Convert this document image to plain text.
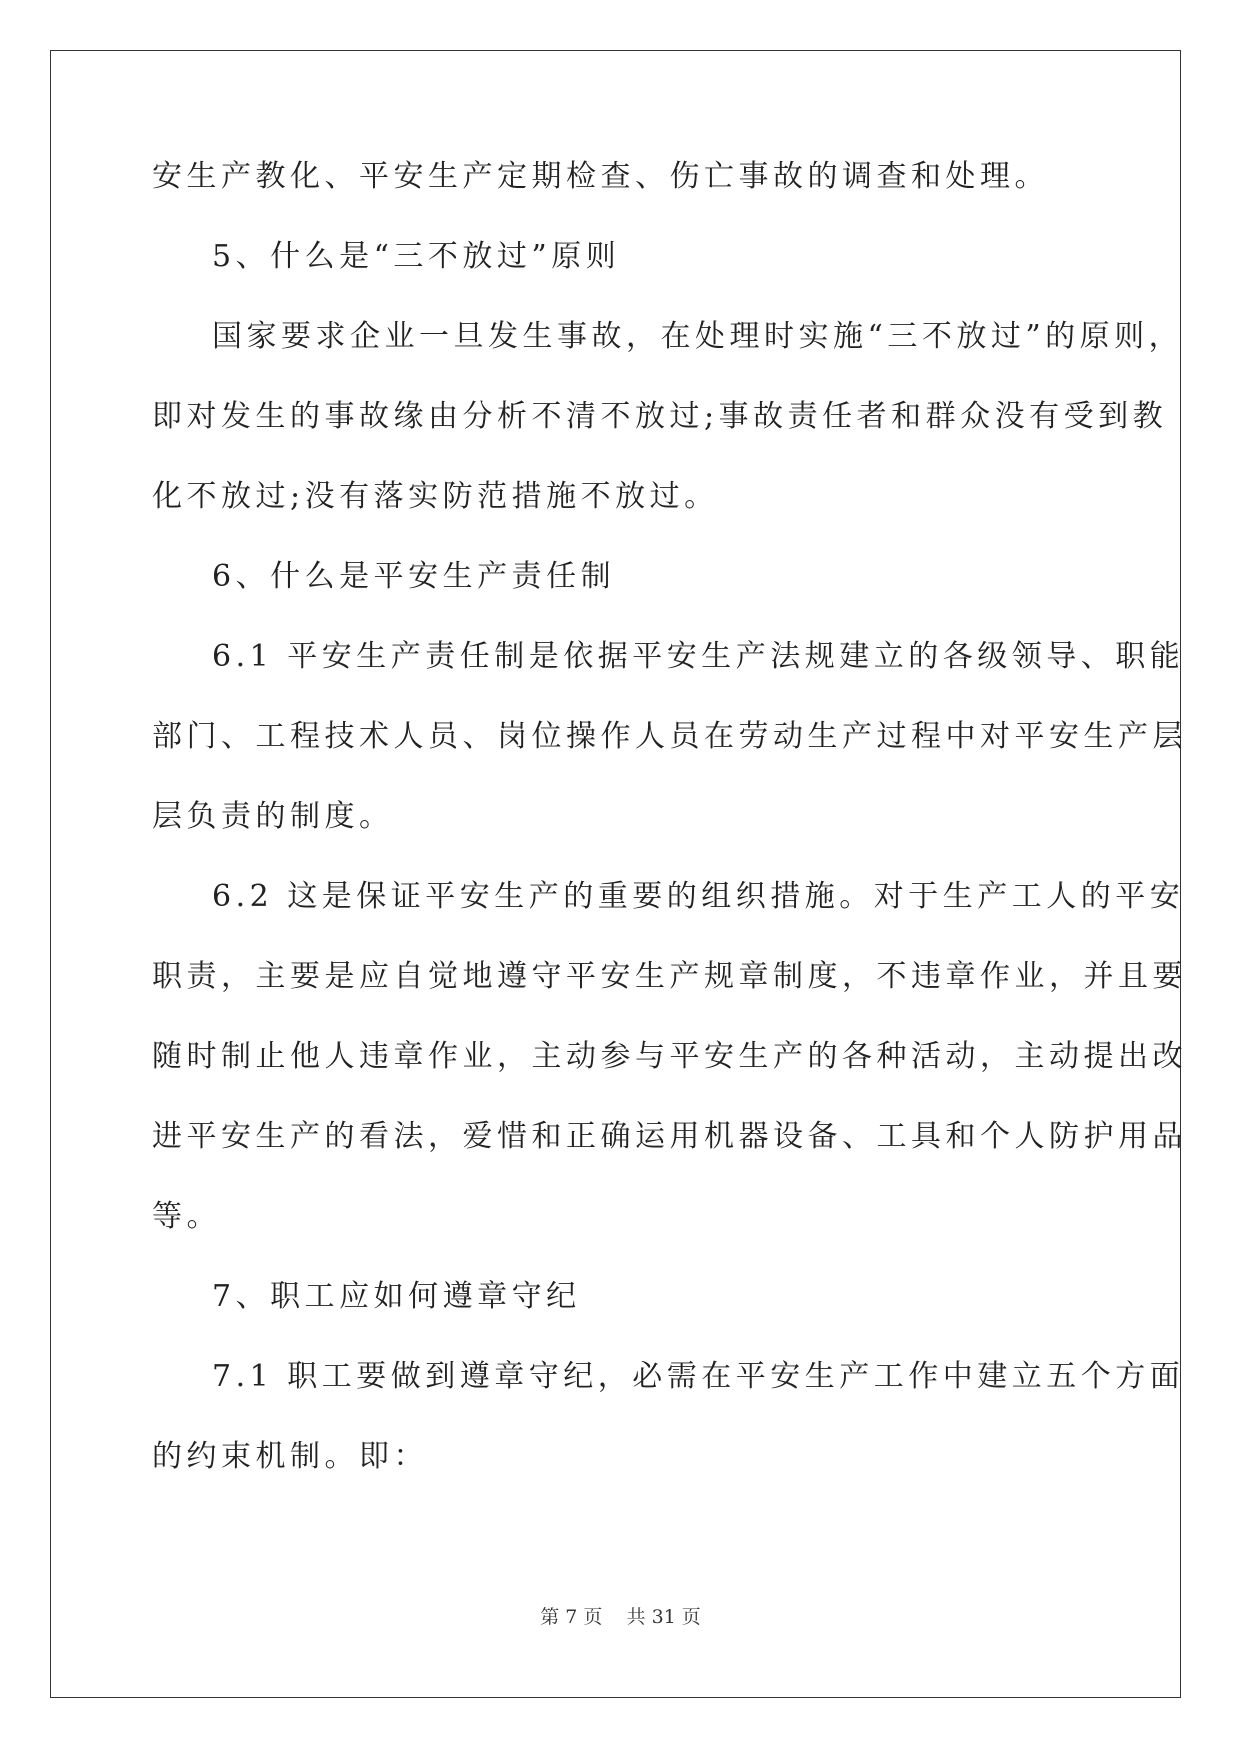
安生产教化、平安生产定期检查、伤亡事故的调查和处理。
5、什么是“三不放过”原则
国家要求企业一旦发生事故，在处理时实施“三不放过”的原则，
即对发生的事故缘由分析不清不放过;事故责任者和群众没有受到教
化不放过;没有落实防范措施不放过。
6、什么是平安生产责任制
6.1 平安生产责任制是依据平安生产法规建立的各级领导、职能
部门、工程技术人员、岗位操作人员在劳动生产过程中对平安生产层
层负责的制度。
6.2 这是保证平安生产的重要的组织措施。对于生产工人的平安
职责，主要是应自觉地遵守平安生产规章制度，不违章作业，并且要
随时制止他人违章作业，主动参与平安生产的各种活动，主动提出改
进平安生产的看法，爱惜和正确运用机器设备、工具和个人防护用品
等。
7、职工应如何遵章守纪
7.1 职工要做到遵章守纪，必需在平安生产工作中建立五个方面
的约束机制。即：
第 7 页    共 31 页
